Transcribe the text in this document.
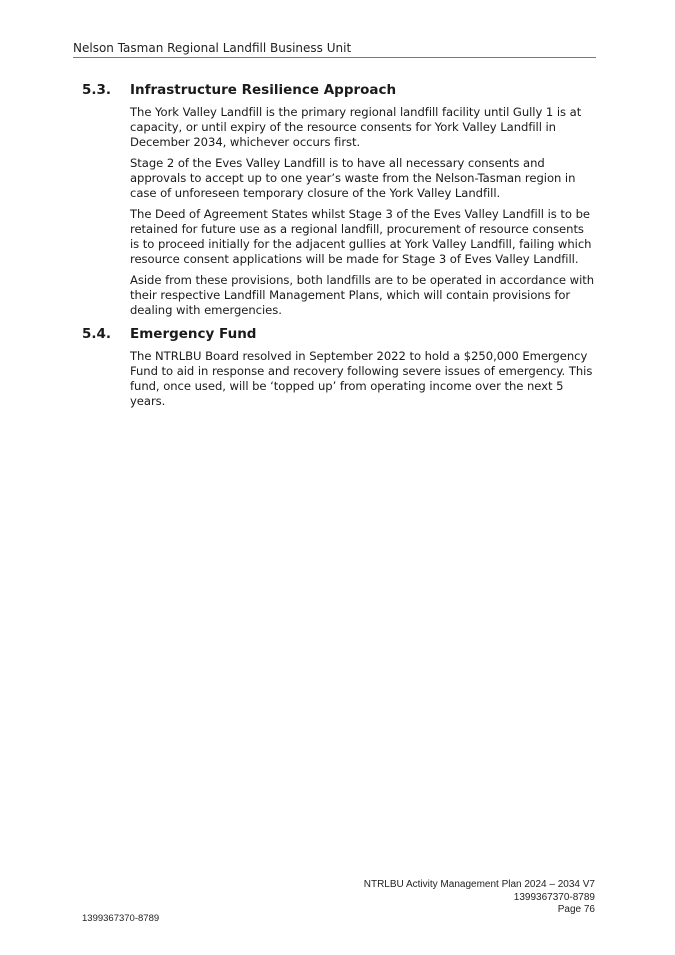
Nelson Tasman Regional Landfill Business Unit
5.3.	Infrastructure Resilience Approach

The York Valley Landfill is the primary regional landfill facility until Gully 1 is at capacity, or until expiry of the resource consents for York Valley Landfill in December 2034, whichever occurs first.

Stage 2 of the Eves Valley Landfill is to have all necessary consents and approvals to accept up to one year’s waste from the Nelson-Tasman region in case of unforeseen temporary closure of the York Valley Landfill.

The Deed of Agreement States whilst Stage 3 of the Eves Valley Landfill is to be retained for future use as a regional landfill, procurement of resource consents is to proceed initially for the adjacent gullies at York Valley Landfill, failing which resource consent applications will be made for Stage 3 of Eves Valley Landfill.

Aside from these provisions, both landfills are to be operated in accordance with their respective Landfill Management Plans, which will contain provisions for dealing with emergencies.

5.4.	Emergency Fund

The NTRLBU Board resolved in September 2022 to hold a $250,000 Emergency Fund to aid in response and recovery following severe issues of emergency. This fund, once used, will be ‘topped up’ from operating income over the next 5 years.

NTRLBU Activity Management Plan 2024 – 2034 V7
1399367370-8789
Page 76
1399367370-8789
